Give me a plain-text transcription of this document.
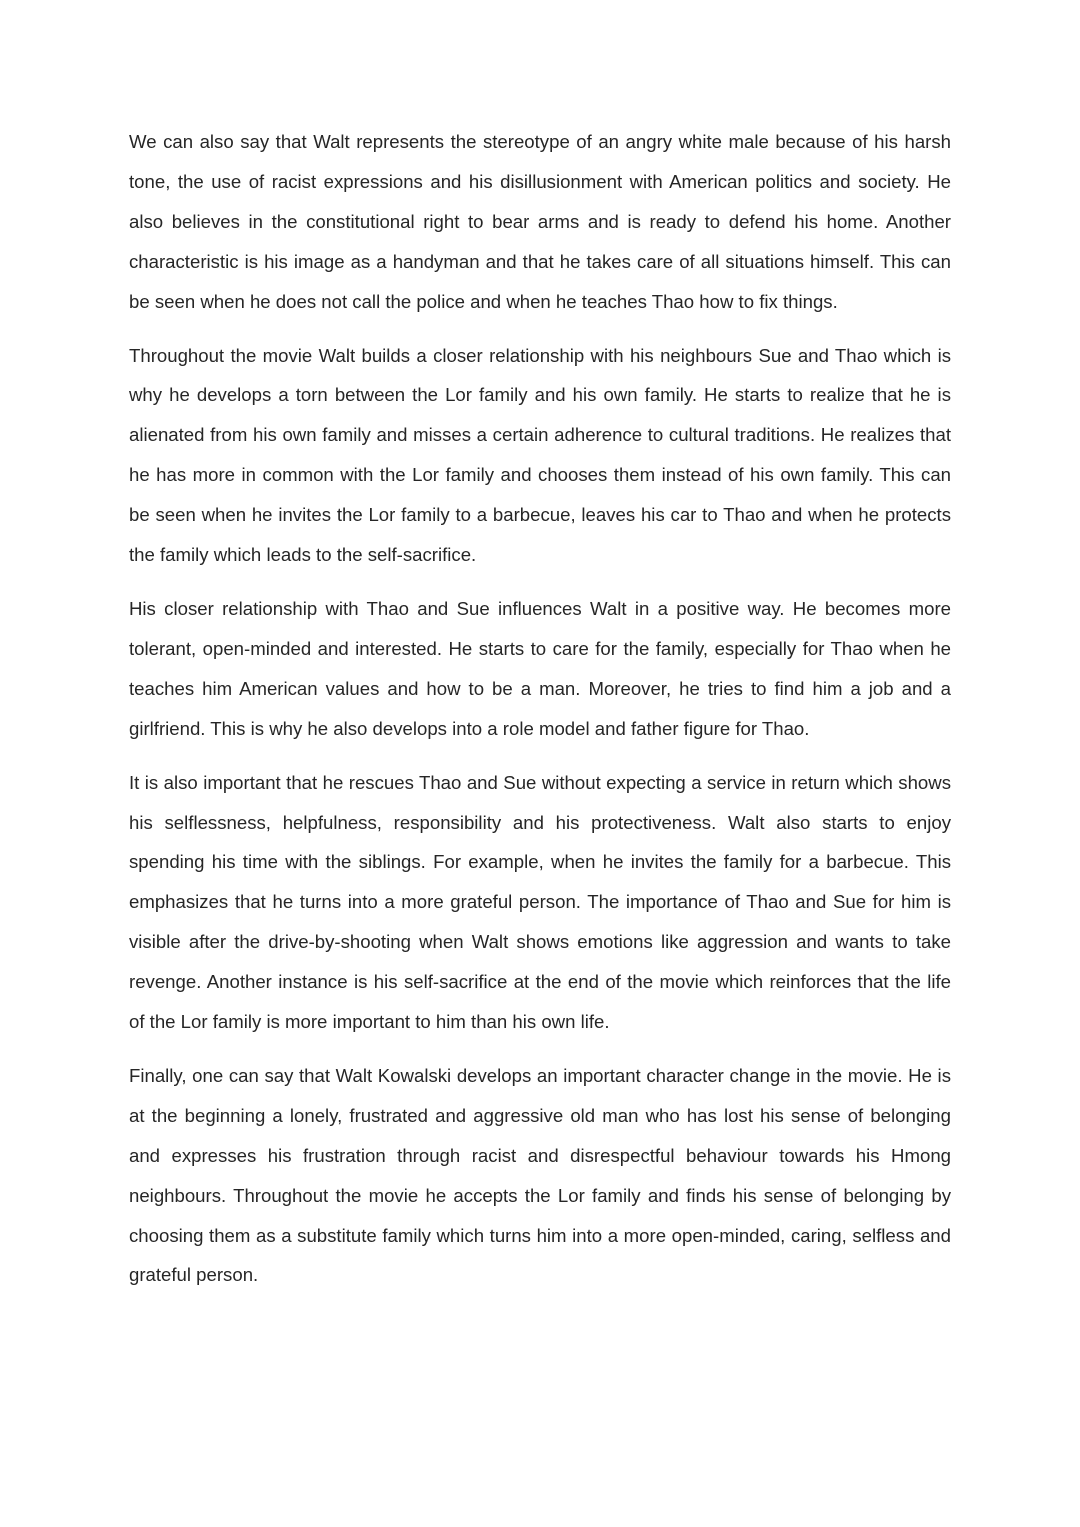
We can also say that Walt represents the stereotype of an angry white male because of his harsh tone, the use of racist expressions and his disillusionment with American politics and society. He also believes in the constitutional right to bear arms and is ready to defend his home. Another characteristic is his image as a handyman and that he takes care of all situations himself. This can be seen when he does not call the police and when he teaches Thao how to fix things.

Throughout the movie Walt builds a closer relationship with his neighbours Sue and Thao which is why he develops a torn between the Lor family and his own family. He starts to realize that he is alienated from his own family and misses a certain adherence to cultural traditions. He realizes that he has more in common with the Lor family and chooses them instead of his own family. This can be seen when he invites the Lor family to a barbecue, leaves his car to Thao and when he protects the family which leads to the self-sacrifice.

His closer relationship with Thao and Sue influences Walt in a positive way. He becomes more tolerant, open-minded and interested. He starts to care for the family, especially for Thao when he teaches him American values and how to be a man. Moreover, he tries to find him a job and a girlfriend. This is why he also develops into a role model and father figure for Thao.

It is also important that he rescues Thao and Sue without expecting a service in return which shows his selflessness, helpfulness, responsibility and his protectiveness. Walt also starts to enjoy spending his time with the siblings. For example, when he invites the family for a barbecue. This emphasizes that he turns into a more grateful person. The importance of Thao and Sue for him is visible after the drive-by-shooting when Walt shows emotions like aggression and wants to take revenge. Another instance is his self-sacrifice at the end of the movie which reinforces that the life of the Lor family is more important to him than his own life.

Finally, one can say that Walt Kowalski develops an important character change in the movie. He is at the beginning a lonely, frustrated and aggressive old man who has lost his sense of belonging and expresses his frustration through racist and disrespectful behaviour towards his Hmong neighbours. Throughout the movie he accepts the Lor family and finds his sense of belonging by choosing them as a substitute family which turns him into a more open-minded, caring, selfless and grateful person.
